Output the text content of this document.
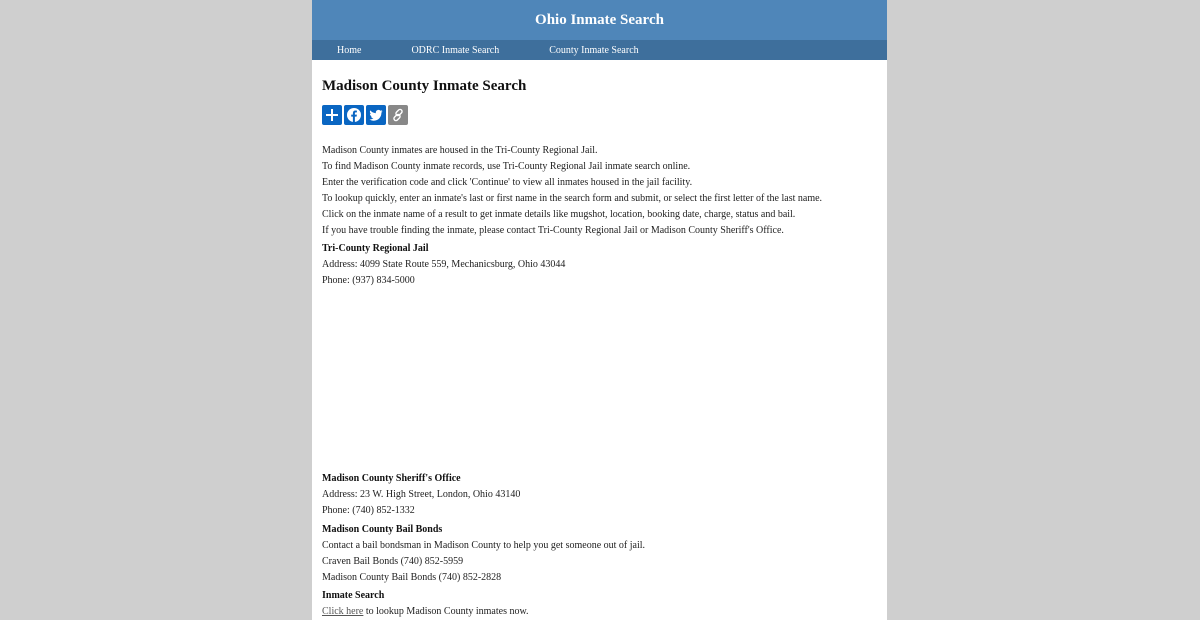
Ohio Inmate Search
Home	ODRC Inmate Search	County Inmate Search
Madison County Inmate Search
Madison County inmates are housed in the Tri-County Regional Jail.
To find Madison County inmate records, use Tri-County Regional Jail inmate search online.
Enter the verification code and click 'Continue' to view all inmates housed in the jail facility.
To lookup quickly, enter an inmate's last or first name in the search form and submit, or select the first letter of the last name.
Click on the inmate name of a result to get inmate details like mugshot, location, booking date, charge, status and bail.
If you have trouble finding the inmate, please contact Tri-County Regional Jail or Madison County Sheriff's Office.
Tri-County Regional Jail
Address: 4099 State Route 559, Mechanicsburg, Ohio 43044
Phone: (937) 834-5000
Madison County Sheriff's Office
Address: 23 W. High Street, London, Ohio 43140
Phone: (740) 852-1332
Madison County Bail Bonds
Contact a bail bondsman in Madison County to help you get someone out of jail.
Craven Bail Bonds (740) 852-5959
Madison County Bail Bonds (740) 852-2828
Inmate Search
Click here to lookup Madison County inmates now.
